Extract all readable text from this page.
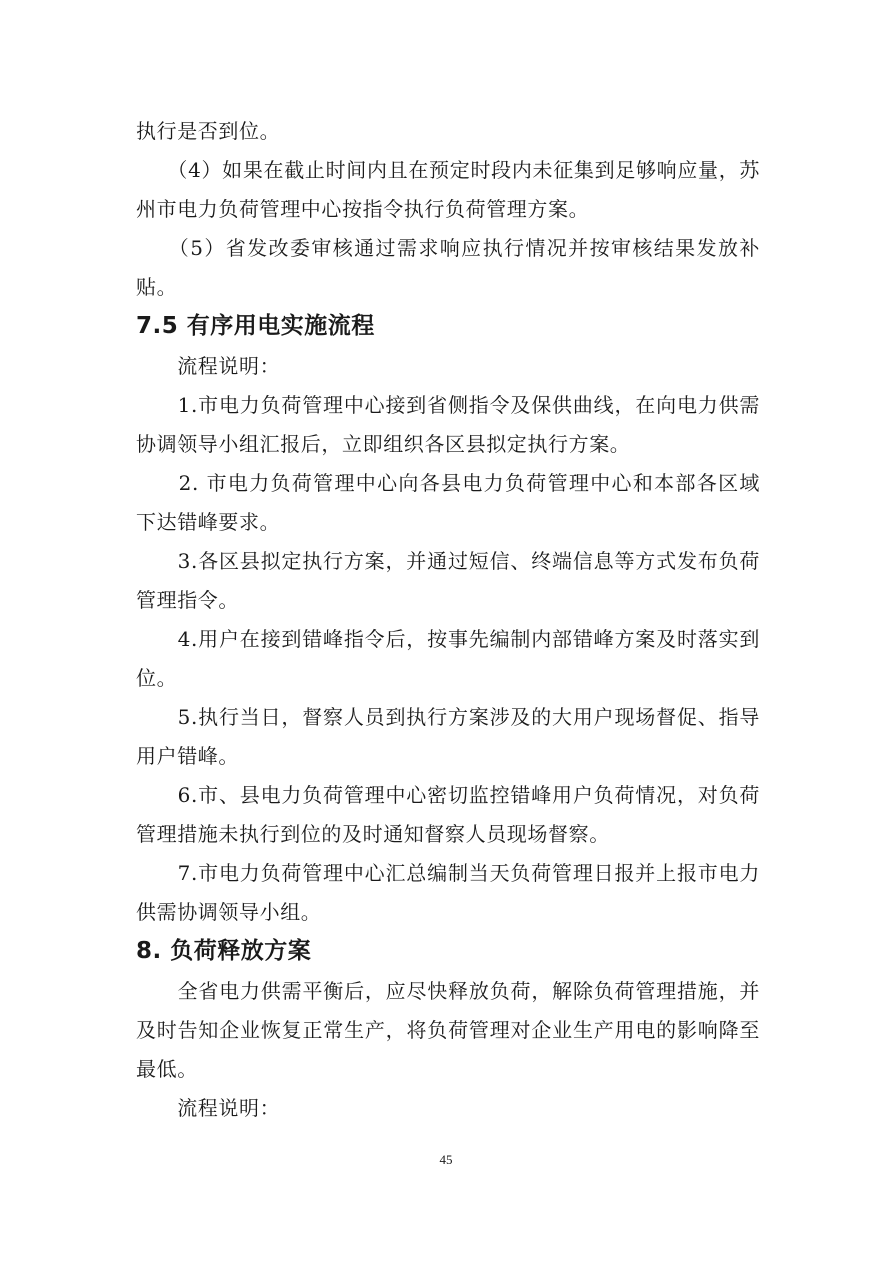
执行是否到位。

　　（4）如果在截止时间内且在预定时段内未征集到足够响应量，苏州市电力负荷管理中心按指令执行负荷管理方案。

　　（5）省发改委审核通过需求响应执行情况并按审核结果发放补贴。

7.5 有序用电实施流程

　　流程说明：

　　1.市电力负荷管理中心接到省侧指令及保供曲线，在向电力供需协调领导小组汇报后，立即组织各区县拟定执行方案。

　　2. 市电力负荷管理中心向各县电力负荷管理中心和本部各区域下达错峰要求。

　　3.各区县拟定执行方案，并通过短信、终端信息等方式发布负荷管理指令。

　　4.用户在接到错峰指令后，按事先编制内部错峰方案及时落实到位。

　　5.执行当日，督察人员到执行方案涉及的大用户现场督促、指导用户错峰。

　　6.市、县电力负荷管理中心密切监控错峰用户负荷情况，对负荷管理措施未执行到位的及时通知督察人员现场督察。

　　7.市电力负荷管理中心汇总编制当天负荷管理日报并上报市电力供需协调领导小组。

8. 负荷释放方案

　　全省电力供需平衡后，应尽快释放负荷，解除负荷管理措施，并及时告知企业恢复正常生产，将负荷管理对企业生产用电的影响降至最低。

　　流程说明：

45
